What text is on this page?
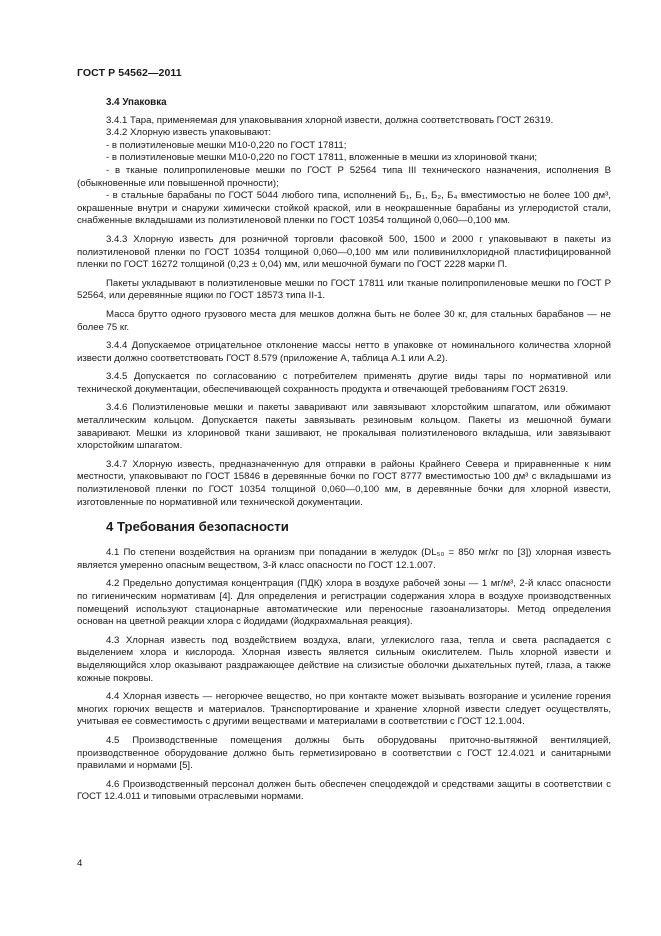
ГОСТ Р 54562—2011
3.4 Упаковка

3.4.1 Тара, применяемая для упаковывания хлорной извести, должна соответствовать ГОСТ 26319.

3.4.2 Хлорную известь упаковывают:

- в полиэтиленовые мешки М10-0,220 по ГОСТ 17811;

- в полиэтиленовые мешки М10-0,220 по ГОСТ 17811, вложенные в мешки из хлориновой ткани;

- в тканые полипропиленовые мешки по ГОСТ Р 52564 типа III технического назначения, исполнения В (обыкновенные или повышенной прочности);

- в стальные барабаны по ГОСТ 5044 любого типа, исполнений Б₁, Б₁, Б₂, Б₄ вместимостью не более 100 дм³, окрашенные внутри и снаружи химически стойкой краской, или в неокрашенные барабаны из углеродистой стали, снабженные вкладышами из полиэтиленовой пленки по ГОСТ 10354 толщиной 0,060—0,100 мм.

3.4.3 Хлорную известь для розничной торговли фасовкой 500, 1500 и 2000 г упаковывают в пакеты из полиэтиленовой пленки по ГОСТ 10354 толщиной 0,060—0,100 мм или поливинилхлоридной пластифицированной пленки по ГОСТ 16272 толщиной (0,23 ± 0,04) мм, или мешочной бумаги по ГОСТ 2228 марки П.

Пакеты укладывают в полиэтиленовые мешки по ГОСТ 17811 или тканые полипропиленовые мешки по ГОСТ Р 52564, или деревянные ящики по ГОСТ 18573 типа II-1.

Масса брутто одного грузового места для мешков должна быть не более 30 кг, для стальных барабанов — не более 75 кг.

3.4.4 Допускаемое отрицательное отклонение массы нетто в упаковке от номинального количества хлорной извести должно соответствовать ГОСТ 8.579 (приложение А, таблица А.1 или А.2).

3.4.5 Допускается по согласованию с потребителем применять другие виды тары по нормативной или технической документации, обеспечивающей сохранность продукта и отвечающей требованиям ГОСТ 26319.

3.4.6 Полиэтиленовые мешки и пакеты заваривают или завязывают хлорстойким шпагатом, или обжимают металлическим кольцом. Допускается пакеты завязывать резиновым кольцом. Пакеты из мешочной бумаги заваривают. Мешки из хлориновой ткани зашивают, не прокалывая полиэтиленового вкладыша, или завязывают хлорстойким шпагатом.

3.4.7 Хлорную известь, предназначенную для отправки в районы Крайнего Севера и приравненные к ним местности, упаковывают по ГОСТ 15846 в деревянные бочки по ГОСТ 8777 вместимостью 100 дм³ с вкладышами из полиэтиленовой пленки по ГОСТ 10354 толщиной 0,060—0,100 мм, в деревянные бочки для хлорной извести, изготовленные по нормативной или технической документации.

4 Требования безопасности

4.1 По степени воздействия на организм при попадании в желудок (DL₅₀ = 850 мг/кг по [3]) хлорная известь является умеренно опасным веществом, 3-й класс опасности по ГОСТ 12.1.007.

4.2 Предельно допустимая концентрация (ПДК) хлора в воздухе рабочей зоны — 1 мг/м³, 2-й класс опасности по гигиеническим нормативам [4]. Для определения и регистрации содержания хлора в воздухе производственных помещений используют стационарные автоматические или переносные газоанализаторы. Метод определения основан на цветной реакции хлора с йодидами (йодкрахмальная реакция).

4.3 Хлорная известь под воздействием воздуха, влаги, углекислого газа, тепла и света распадается с выделением хлора и кислорода. Хлорная известь является сильным окислителем. Пыль хлорной извести и выделяющийся хлор оказывают раздражающее действие на слизистые оболочки дыхательных путей, глаза, а также кожные покровы.

4.4 Хлорная известь — негорючее вещество, но при контакте может вызывать возгорание и усиление горения многих горючих веществ и материалов. Транспортирование и хранение хлорной извести следует осуществлять, учитывая ее совместимость с другими веществами и материалами в соответствии с ГОСТ 12.1.004.

4.5 Производственные помещения должны быть оборудованы приточно-вытяжной вентиляцией, производственное оборудование должно быть герметизировано в соответствии с ГОСТ 12.4.021 и санитарными правилами и нормами [5].

4.6 Производственный персонал должен быть обеспечен спецодеждой и средствами защиты в соответствии с ГОСТ 12.4.011 и типовыми отраслевыми нормами.

4
